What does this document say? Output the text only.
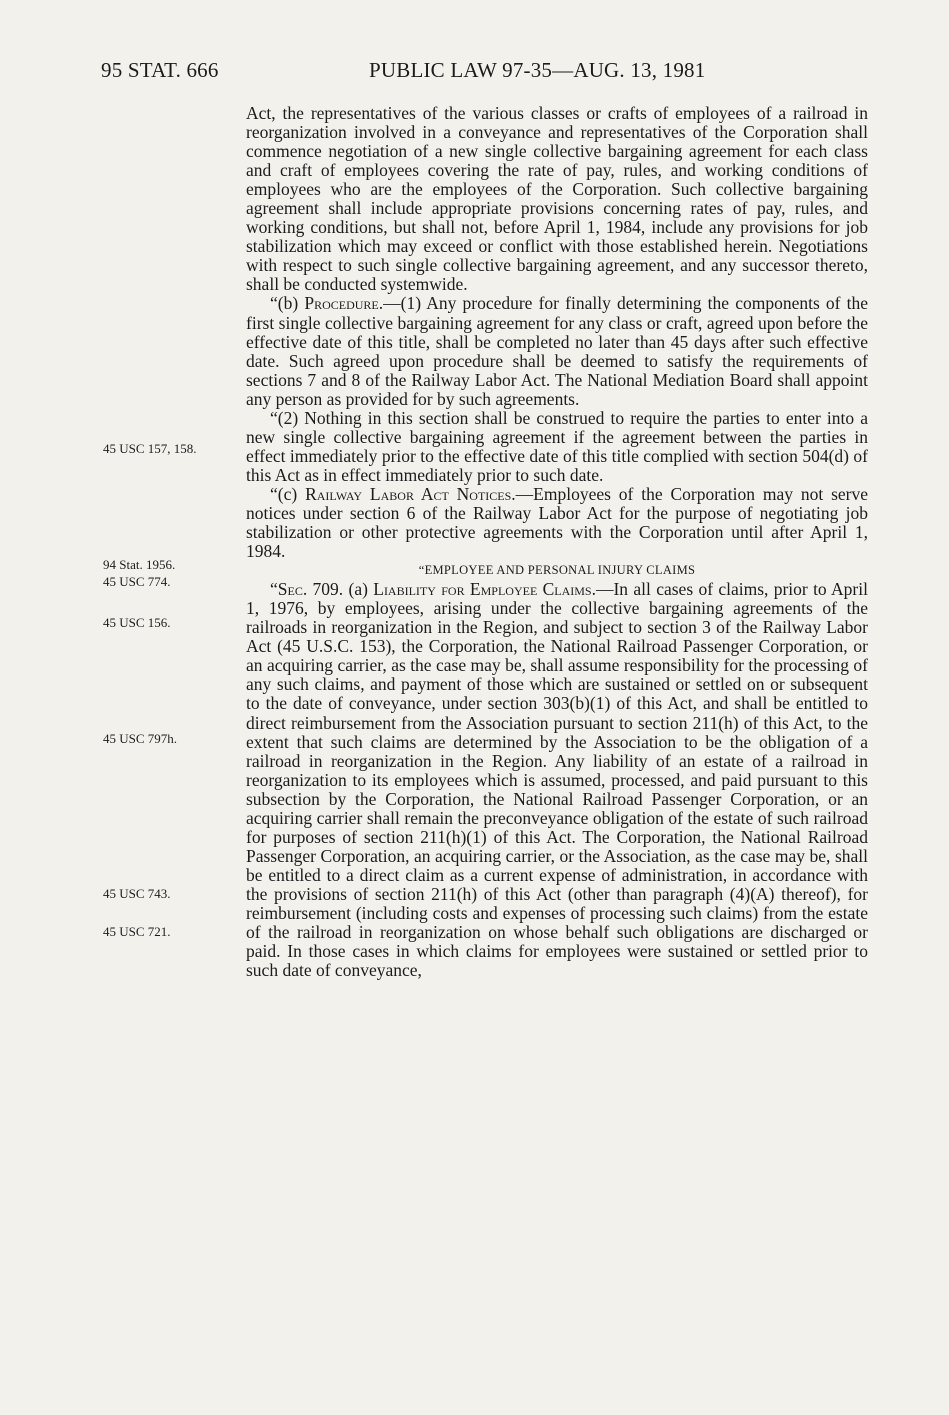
95 STAT. 666	PUBLIC LAW 97-35—AUG. 13, 1981
45 USC 157, 158.
94 Stat. 1956.
45 USC 774.
45 USC 156.
45 USC 797h.
45 USC 743.
45 USC 721.

Act, the representatives of the various classes or crafts of employees of a railroad in reorganization involved in a conveyance and representatives of the Corporation shall commence negotiation of a new single collective bargaining agreement for each class and craft of employees covering the rate of pay, rules, and working conditions of employees who are the employees of the Corporation. Such collective bargaining agreement shall include appropriate provisions concerning rates of pay, rules, and working conditions, but shall not, before April 1, 1984, include any provisions for job stabilization which may exceed or conflict with those established herein. Negotiations with respect to such single collective bargaining agreement, and any successor thereto, shall be conducted systemwide.

“(b) Procedure.—(1) Any procedure for finally determining the components of the first single collective bargaining agreement for any class or craft, agreed upon before the effective date of this title, shall be completed no later than 45 days after such effective date. Such agreed upon procedure shall be deemed to satisfy the requirements of sections 7 and 8 of the Railway Labor Act. The National Mediation Board shall appoint any person as provided for by such agreements.

“(2) Nothing in this section shall be construed to require the parties to enter into a new single collective bargaining agreement if the agreement between the parties in effect immediately prior to the effective date of this title complied with section 504(d) of this Act as in effect immediately prior to such date.

“(c) Railway Labor Act Notices.—Employees of the Corporation may not serve notices under section 6 of the Railway Labor Act for the purpose of negotiating job stabilization or other protective agreements with the Corporation until after April 1, 1984.

“EMPLOYEE AND PERSONAL INJURY CLAIMS

“Sec. 709. (a) Liability for Employee Claims.—In all cases of claims, prior to April 1, 1976, by employees, arising under the collective bargaining agreements of the railroads in reorganization in the Region, and subject to section 3 of the Railway Labor Act (45 U.S.C. 153), the Corporation, the National Railroad Passenger Corporation, or an acquiring carrier, as the case may be, shall assume responsibility for the processing of any such claims, and payment of those which are sustained or settled on or subsequent to the date of conveyance, under section 303(b)(1) of this Act, and shall be entitled to direct reimbursement from the Association pursuant to section 211(h) of this Act, to the extent that such claims are determined by the Association to be the obligation of a railroad in reorganization in the Region. Any liability of an estate of a railroad in reorganization to its employees which is assumed, processed, and paid pursuant to this subsection by the Corporation, the National Railroad Passenger Corporation, or an acquiring carrier shall remain the preconveyance obligation of the estate of such railroad for purposes of section 211(h)(1) of this Act. The Corporation, the National Railroad Passenger Corporation, an acquiring carrier, or the Association, as the case may be, shall be entitled to a direct claim as a current expense of administration, in accordance with the provisions of section 211(h) of this Act (other than paragraph (4)(A) thereof), for reimbursement (including costs and expenses of processing such claims) from the estate of the railroad in reorganization on whose behalf such obligations are discharged or paid. In those cases in which claims for employees were sustained or settled prior to such date of conveyance,
